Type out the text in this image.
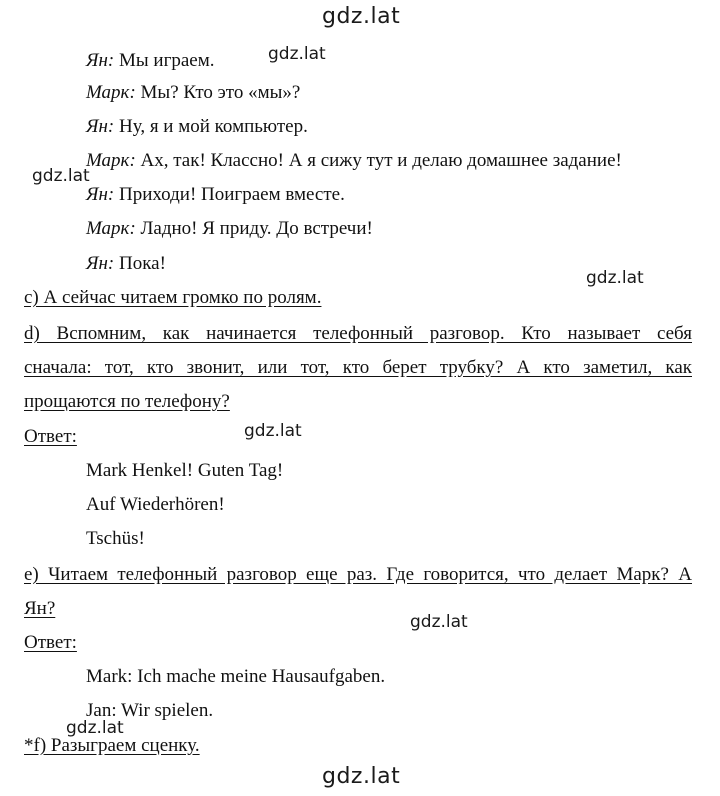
gdz.lat
gdz.lat
gdz.lat
gdz.lat
gdz.lat
gdz.lat
gdz.lat
gdz.lat
Ян: Мы играем.
Марк: Мы? Кто это «мы»?
Ян: Ну, я и мой компьютер.
Марк: Ах, так! Классно! А я сижу тут и делаю домашнее задание!
Ян: Приходи! Поиграем вместе.
Марк: Ладно! Я приду. До встречи!
Ян: Пока!
с) А сейчас читаем громко по ролям.
d) Вспомним, как начинается телефонный разговор. Кто называет себя
сначала: тот, кто звонит, или тот, кто берет трубку? А кто заметил, как
прощаются по телефону?
Ответ:
Mark Henkel! Guten Tag!
Auf Wiederhören!
Tschüs!
е) Читаем телефонный разговор еще раз. Где говорится, что делает Марк? А
Ян?
Ответ:
Mark: Ich mache meine Hausaufgaben.
Jan: Wir spielen.
*f) Разыграем сценку.
